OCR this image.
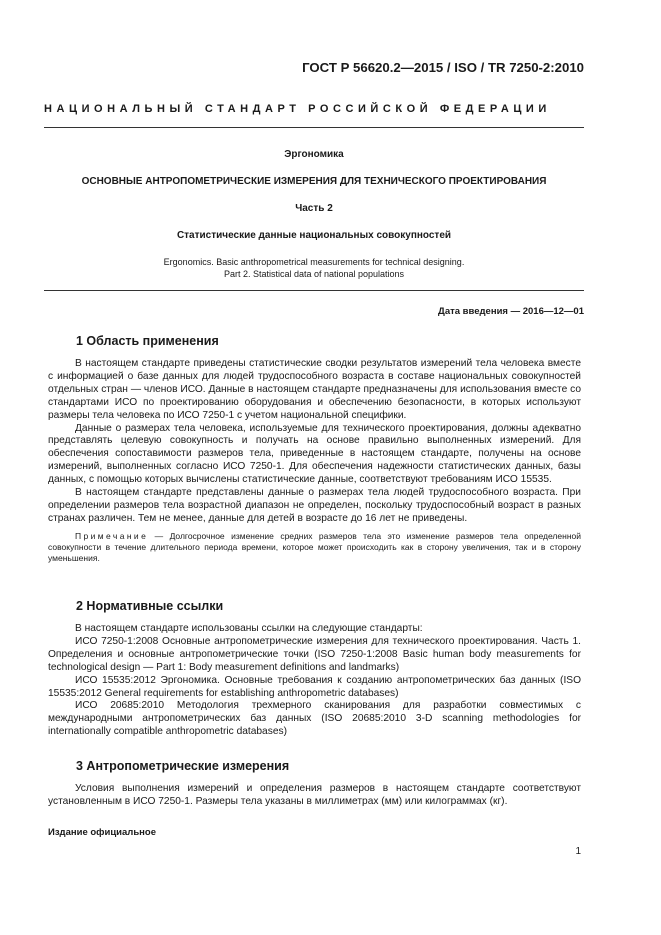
ГОСТ Р 56620.2—2015 / ISO / TR 7250-2:2010
НАЦИОНАЛЬНЫЙ СТАНДАРТ РОССИЙСКОЙ ФЕДЕРАЦИИ
Эргономика
ОСНОВНЫЕ АНТРОПОМЕТРИЧЕСКИЕ ИЗМЕРЕНИЯ ДЛЯ ТЕХНИЧЕСКОГО ПРОЕКТИРОВАНИЯ
Часть 2
Статистические данные национальных совокупностей
Ergonomics. Basic anthropometrical measurements for technical designing.
Part 2. Statistical data of national populations
Дата введения — 2016—12—01
1 Область применения

В настоящем стандарте приведены статистические сводки результатов измерений тела человека вместе с информацией о базе данных для людей трудоспособного возраста в составе национальных совокупностей отдельных стран — членов ИСО. Данные в настоящем стандарте предназначены для использования вместе со стандартами ИСО по проектированию оборудования и обеспечению безопасности, в которых используют размеры тела человека по ИСО 7250-1 с учетом национальной специфики.

Данные о размерах тела человека, используемые для технического проектирования, должны адекватно представлять целевую совокупность и получать на основе правильно выполненных измерений. Для обеспечения сопоставимости размеров тела, приведенные в настоящем стандарте, получены на основе измерений, выполненных согласно ИСО 7250-1. Для обеспечения надежности статистических данных, базы данных, с помощью которых вычислены статистические данные, соответствуют требованиям ИСО 15535.

В настоящем стандарте представлены данные о размерах тела людей трудоспособного возраста. При определении размеров тела возрастной диапазон не определен, поскольку трудоспособный возраст в разных странах различен. Тем не менее, данные для детей в возрасте до 16 лет не приведены.

Примечание — Долгосрочное изменение средних размеров тела это изменение размеров тела определенной совокупности в течение длительного периода времени, которое может происходить как в сторону увеличения, так и в сторону уменьшения.

2 Нормативные ссылки

В настоящем стандарте использованы ссылки на следующие стандарты:

ИСО 7250-1:2008 Основные антропометрические измерения для технического проектирования. Часть 1. Определения и основные антропометрические точки (ISO 7250-1:2008 Basic human body measurements for technological design — Part 1: Body measurement definitions and landmarks)

ИСО 15535:2012 Эргономика. Основные требования к созданию антропометрических баз данных (ISO 15535:2012 General requirements for establishing anthropometric databases)

ИСО 20685:2010 Методология трехмерного сканирования для разработки совместимых с международными антропометрических баз данных (ISO 20685:2010 3-D scanning methodologies for internationally compatible anthropometric databases)

3 Антропометрические измерения

Условия выполнения измерений и определения размеров в настоящем стандарте соответствуют установленным в ИСО 7250-1. Размеры тела указаны в миллиметрах (мм) или килограммах (кг).

Издание официальное
1
